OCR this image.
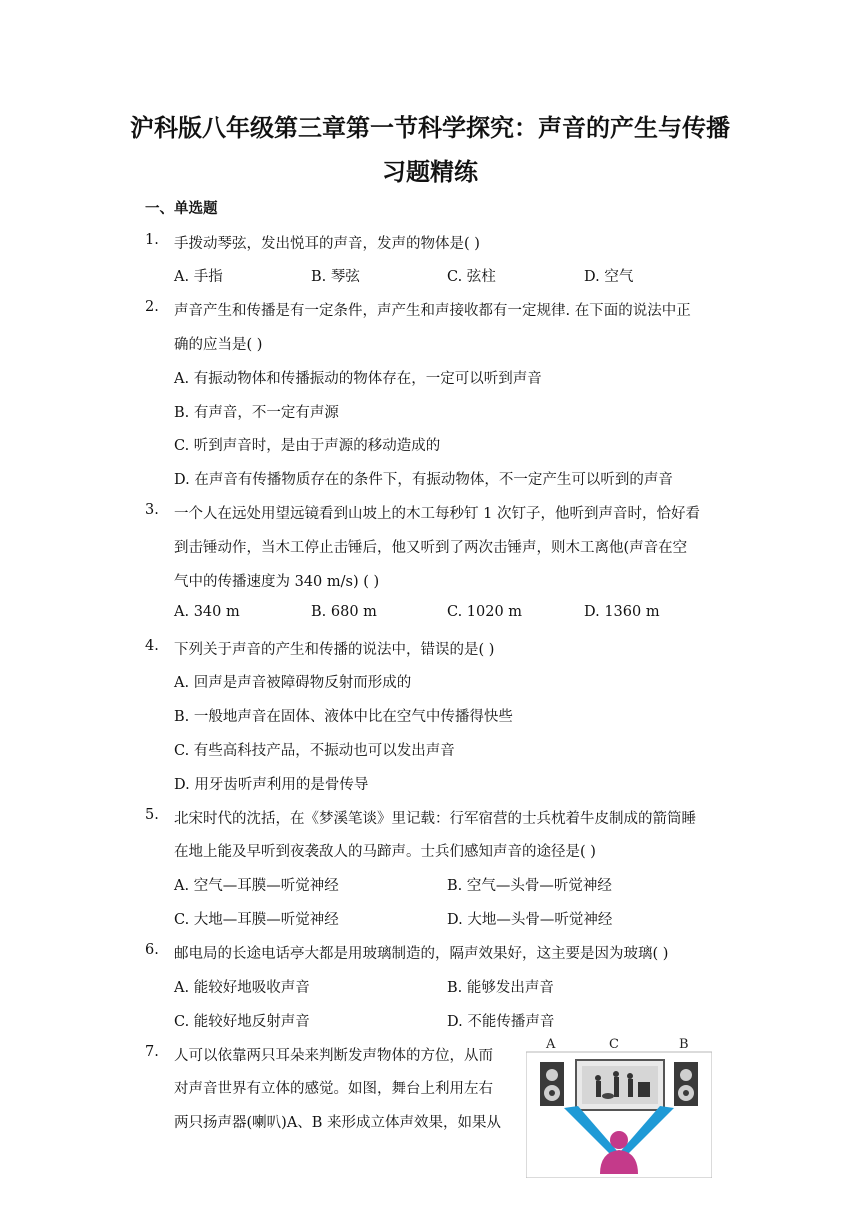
沪科版八年级第三章第一节科学探究：声音的产生与传播
习题精练
一、单选题
1. 手拨动琴弦，发出悦耳的声音，发声的物体是( )
A. 手指	B. 琴弦	C. 弦柱	D. 空气
2. 声音产生和传播是有一定条件，声产生和声接收都有一定规律. 在下面的说法中正
确的应当是( )
A. 有振动物体和传播振动的物体存在，一定可以听到声音
B. 有声音，不一定有声源
C. 听到声音时，是由于声源的移动造成的
D. 在声音有传播物质存在的条件下，有振动物体，不一定产生可以听到的声音
3. 一个人在远处用望远镜看到山坡上的木工每秒钉 1 次钉子，他听到声音时，恰好看
到击锤动作，当木工停止击锤后，他又听到了两次击锤声，则木工离他(声音在空
气中的传播速度为 340 m/s) ( )
A. 340 m	B. 680 m	C. 1020 m	D. 1360 m
4. 下列关于声音的产生和传播的说法中，错误的是( )
A. 回声是声音被障碍物反射而形成的
B. 一般地声音在固体、液体中比在空气中传播得快些
C. 有些高科技产品，不振动也可以发出声音
D. 用牙齿听声利用的是骨传导
5. 北宋时代的沈括，在《梦溪笔谈》里记载：行军宿营的士兵枕着牛皮制成的箭筒睡
在地上能及早听到夜袭敌人的马蹄声。士兵们感知声音的途径是( )
A. 空气—耳膜—听觉神经	B. 空气—头骨—听觉神经
C. 大地—耳膜—听觉神经	D. 大地—头骨—听觉神经
6. 邮电局的长途电话亭大都是用玻璃制造的，隔声效果好，这主要是因为玻璃( )
A. 能较好地吸收声音	B. 能够发出声音
C. 能较好地反射声音	D. 不能传播声音
7. 人可以依靠两只耳朵来判断发声物体的方位，从而
对声音世界有立体的感觉。如图，舞台上利用左右
两只扬声器(喇叭)A、B 来形成立体声效果，如果从
A	C	B
